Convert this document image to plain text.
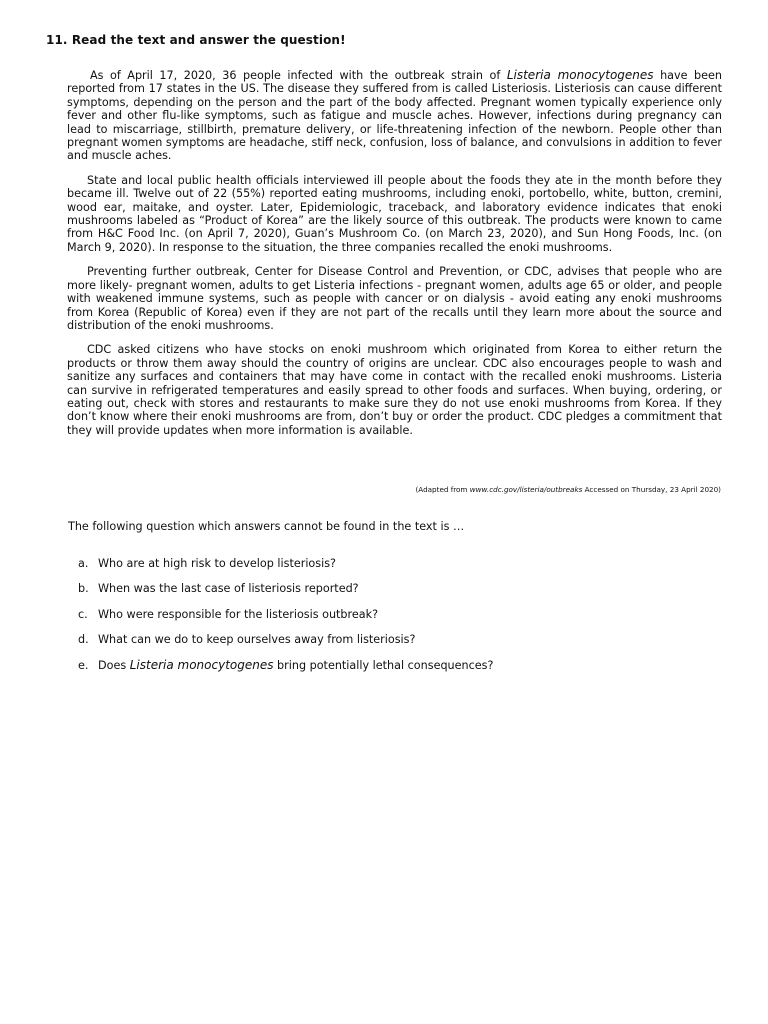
11. Read the text and answer the question!

As of April 17, 2020, 36 people infected with the outbreak strain of Listeria monocytogenes have been reported from 17 states in the US. The disease they suffered from is called Listeriosis. Listeriosis can cause different symptoms, depending on the person and the part of the body affected. Pregnant women typically experience only fever and other flu-like symptoms, such as fatigue and muscle aches. However, infections during pregnancy can lead to miscarriage, stillbirth, premature delivery, or life-threatening infection of the newborn. People other than pregnant women symptoms are headache, stiff neck, confusion, loss of balance, and convulsions in addition to fever and muscle aches.

State and local public health officials interviewed ill people about the foods they ate in the month before they became ill. Twelve out of 22 (55%) reported eating mushrooms, including enoki, portobello, white, button, cremini, wood ear, maitake, and oyster. Later, Epidemiologic, traceback, and laboratory evidence indicates that enoki mushrooms labeled as “Product of Korea” are the likely source of this outbreak. The products were known to came from H&C Food Inc. (on April 7, 2020), Guan’s Mushroom Co. (on March 23, 2020), and Sun Hong Foods, Inc. (on March 9, 2020). In response to the situation, the three companies recalled the enoki mushrooms.

Preventing further outbreak, Center for Disease Control and Prevention, or CDC, advises that people who are more likely- pregnant women, adults to get Listeria infections - pregnant women, adults age 65 or older, and people with weakened immune systems, such as people with cancer or on dialysis - avoid eating any enoki mushrooms from Korea (Republic of Korea) even if they are not part of the recalls until they learn more about the source and distribution of the enoki mushrooms.

CDC asked citizens who have stocks on enoki mushroom which originated from Korea to either return the products or throw them away should the country of origins are unclear. CDC also encourages people to wash and sanitize any surfaces and containers that may have come in contact with the recalled enoki mushrooms. Listeria can survive in refrigerated temperatures and easily spread to other foods and surfaces. When buying, ordering, or eating out, check with stores and restaurants to make sure they do not use enoki mushrooms from Korea. If they don’t know where their enoki mushrooms are from, don’t buy or order the product. CDC pledges a commitment that they will provide updates when more information is available.

(Adapted from www.cdc.gov/listeria/outbreaks Accessed on Thursday, 23 April 2020)
The following question which answers cannot be found in the text is …
a. Who are at high risk to develop listeriosis?
b. When was the last case of listeriosis reported?
c. Who were responsible for the listeriosis outbreak?
d. What can we do to keep ourselves away from listeriosis?
e. Does Listeria monocytogenes bring potentially lethal consequences?
